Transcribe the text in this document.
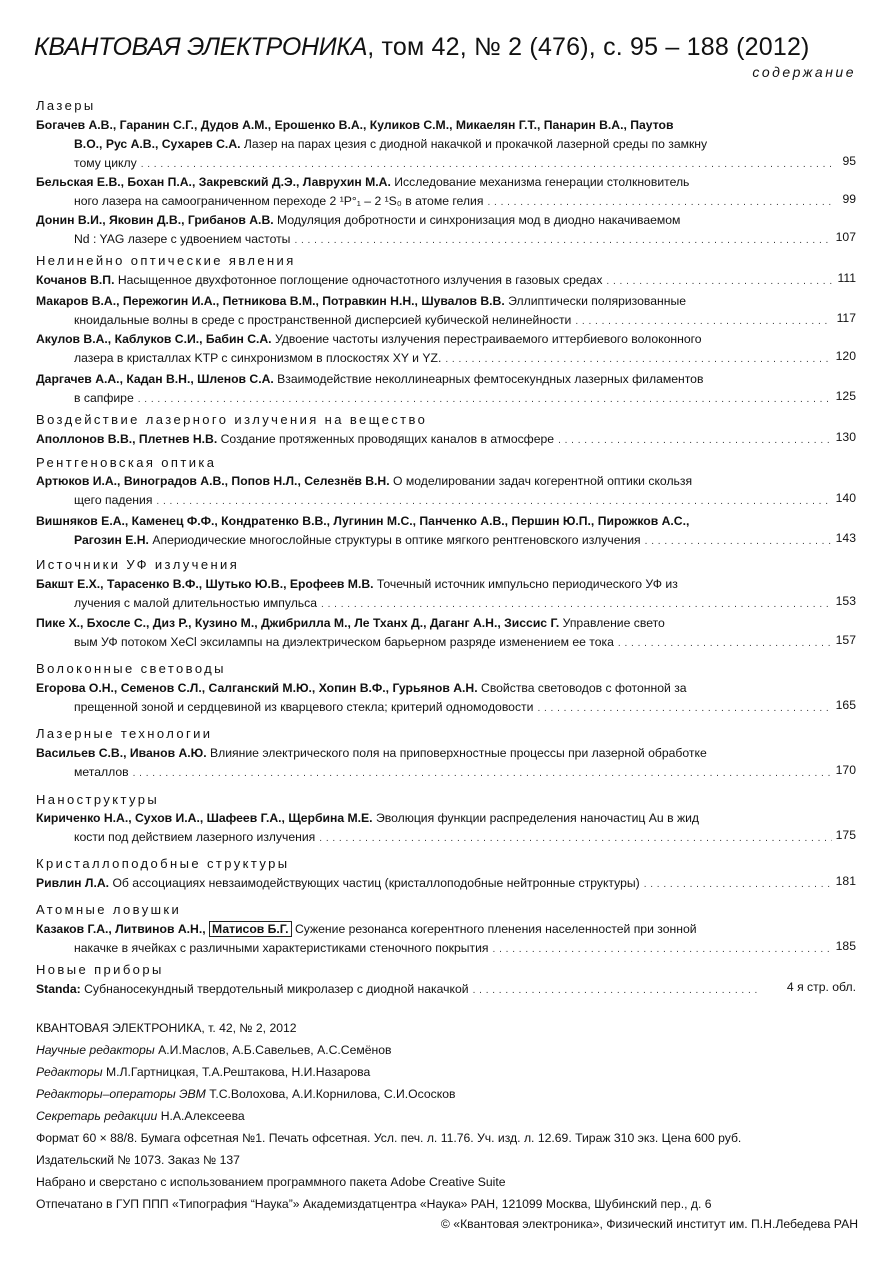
КВАНТОВАЯ ЭЛЕКТРОНИКА, том 42, № 2 (476), с. 95 – 188 (2012)
содержание
Лазеры
Богачев А.В., Гаранин С.Г., Дудов А.М., Ерошенко В.А., Куликов С.М., Микаелян Г.Т., Панарин В.А., Паутов
В.О., Рус А.В., Сухарев С.А. Лазер на парах цезия с диодной накачкой и прокачкой лазерной среды по замкну
тому циклу . . .	95
Бельская Е.В., Бохан П.А., Закревский Д.Э., Лаврухин М.А. Исследование механизма генерации столкновитель
ного лазера на самоограниченном переходе 2 ¹P°₁ – 2 ¹S₀ в атоме гелия . . .	99
Донин В.И., Яковин Д.В., Грибанов А.В. Модуляция добротности и синхронизация мод в диодно накачиваемом
Nd : YAG лазере с удвоением частоты . . .	107
Нелинейно оптические явления
Кочанов В.П.
Насыщенное двухфотонное поглощение одночастотного излучения в газовых средах . . .	111
Макаров В.А., Пережогин И.А., Петникова В.М., Потравкин Н.Н., Шувалов В.В. Эллиптически поляризованные
кноидальные волны в среде с пространственной дисперсией кубической нелинейности . . .	117
Акулов В.А., Каблуков С.И., Бабин С.А. Удвоение частоты излучения перестраиваемого иттербиевого волоконного
лазера в кристаллах KTP с синхронизмом в плоскостях XY и YZ. . . .	120
Даргачев А.А., Кадан В.Н., Шленов С.А. Взаимодействие неколлинеарных фемтосекундных лазерных филаментов
в сапфире . . .	125
Воздействие лазерного излучения на вещество
Аполлонов В.В., Плетнев Н.В.
Создание протяженных проводящих каналов в атмосфере . . .	130
Рентгеновская оптика
Артюков И.А., Виноградов А.В., Попов Н.Л., Селезнёв В.Н. О моделировании задач когерентной оптики скользя
щего падения . . .	140
Вишняков Е.А., Каменец Ф.Ф., Кондратенко В.В., Лугинин М.С., Панченко А.В., Першин Ю.П., Пирожков А.С.,
Рагозин Е.Н.
Апериодические многослойные структуры в оптике мягкого рентгеновского излучения . . .	143
Источники УФ излучения
Бакшт Е.Х., Тарасенко В.Ф., Шутько Ю.В., Ерофеев М.В. Точечный источник импульсно периодического УФ из
лучения с малой длительностью импульса . . .	153
Пике Х., Бхосле С., Диз Р., Кузино М., Джибрилла М., Ле Тханх Д., Даганг А.Н., Зиссис Г. Управление свето
вым УФ потоком XeCl эксилампы на диэлектрическом барьерном разряде изменением ее тока . . .	157
Волоконные световоды
Егорова О.Н., Семенов С.Л., Салганский М.Ю., Хопин В.Ф., Гурьянов А.Н. Свойства световодов с фотонной за
прещенной зоной и сердцевиной из кварцевого стекла; критерий одномодовости . . .	165
Лазерные технологии
Васильев С.В., Иванов А.Ю. Влияние электрического поля на приповерхностные процессы при лазерной обработке
металлов . . .	170
Наноструктуры
Кириченко Н.А., Сухов И.А., Шафеев Г.А., Щербина М.Е. Эволюция функции распределения наночастиц Au в жид
кости под действием лазерного излучения . . .	175
Кристаллоподобные структуры
Ривлин Л.А.
Об ассоциациях невзаимодействующих частиц (кристаллоподобные нейтронные структуры) . . .	181
Атомные ловушки
Казаков Г.А., Литвинов А.Н., Матисов Б.Г. Сужение резонанса когерентного пленения населенностей при зонной
накачке в ячейках с различными характеристиками стеночного покрытия . . .	185
Новые приборы
Standa:
Субнаносекундный твердотельный микролазер с диодной накачкой . . .	4 я стр. обл.
КВАНТОВАЯ ЭЛЕКТРОНИКА, т. 42, № 2, 2012
Научные редакторы А.И.Маслов, А.Б.Савельев, А.С.Семёнов
Редакторы М.Л.Гартницкая, Т.А.Рештакова, Н.И.Назарова
Редакторы–операторы ЭВМ Т.С.Волохова, А.И.Корнилова, С.И.Ососков
Секретарь редакции Н.А.Алексеева
Формат 60 × 88/8. Бумага офсетная №1. Печать офсетная. Усл. печ. л. 11.76. Уч. изд. л. 12.69. Тираж 310 экз. Цена 600 руб.
Издательский № 1073. Заказ № 137
Набрано и сверстано с использованием программного пакета Adobe Creative Suite
Отпечатано в ГУП ППП «Типография “Наука”» Академиздатцентра «Наука» РАН, 121099 Москва, Шубинский пер., д. 6
© «Квантовая электроника», Физический институт им. П.Н.Лебедева РАН
